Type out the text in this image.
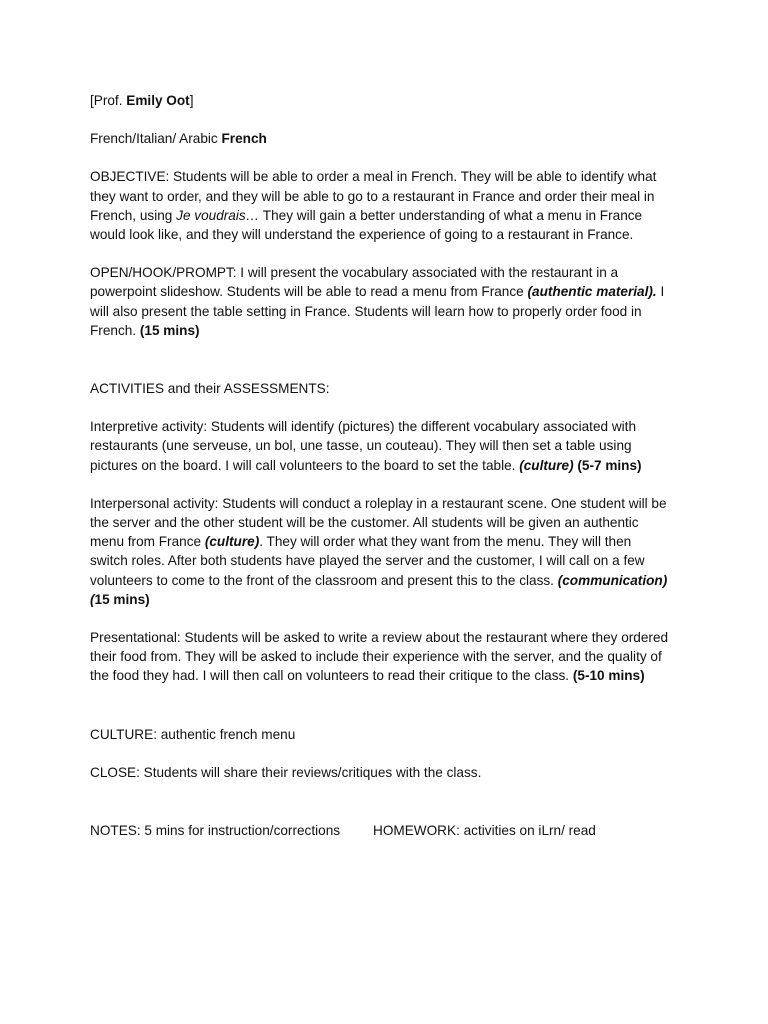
[Prof. Emily Oot]

French/Italian/ Arabic French

OBJECTIVE: Students will be able to order a meal in French. They will be able to identify what

they want to order, and they will be able to go to a restaurant in France and order their meal in

French, using Je voudrais… They will gain a better understanding of what a menu in France

would look like, and they will understand the experience of going to a restaurant in France.

OPEN/HOOK/PROMPT: I will present the vocabulary associated with the restaurant in a

powerpoint slideshow. Students will be able to read a menu from France (authentic material). I

will also present the table setting in France. Students will learn how to properly order food in

French. (15 mins)

ACTIVITIES and their ASSESSMENTS:

Interpretive activity: Students will identify (pictures) the different vocabulary associated with

restaurants (une serveuse, un bol, une tasse, un couteau). They will then set a table using

pictures on the board. I will call volunteers to the board to set the table. (culture) (5-7 mins)

Interpersonal activity: Students will conduct a roleplay in a restaurant scene. One student will be

the server and the other student will be the customer. All students will be given an authentic

menu from France (culture). They will order what they want from the menu. They will then

switch roles. After both students have played the server and the customer, I will call on a few

volunteers to come to the front of the classroom and present this to the class. (communication)

(15 mins)

Presentational: Students will be asked to write a review about the restaurant where they ordered

their food from. They will be asked to include their experience with the server, and the quality of

the food they had. I will then call on volunteers to read their critique to the class. (5-10 mins)

CULTURE: authentic french menu

CLOSE: Students will share their reviews/critiques with the class.

NOTES: 5 mins for instruction/corrections	HOMEWORK: activities on iLrn/ read
